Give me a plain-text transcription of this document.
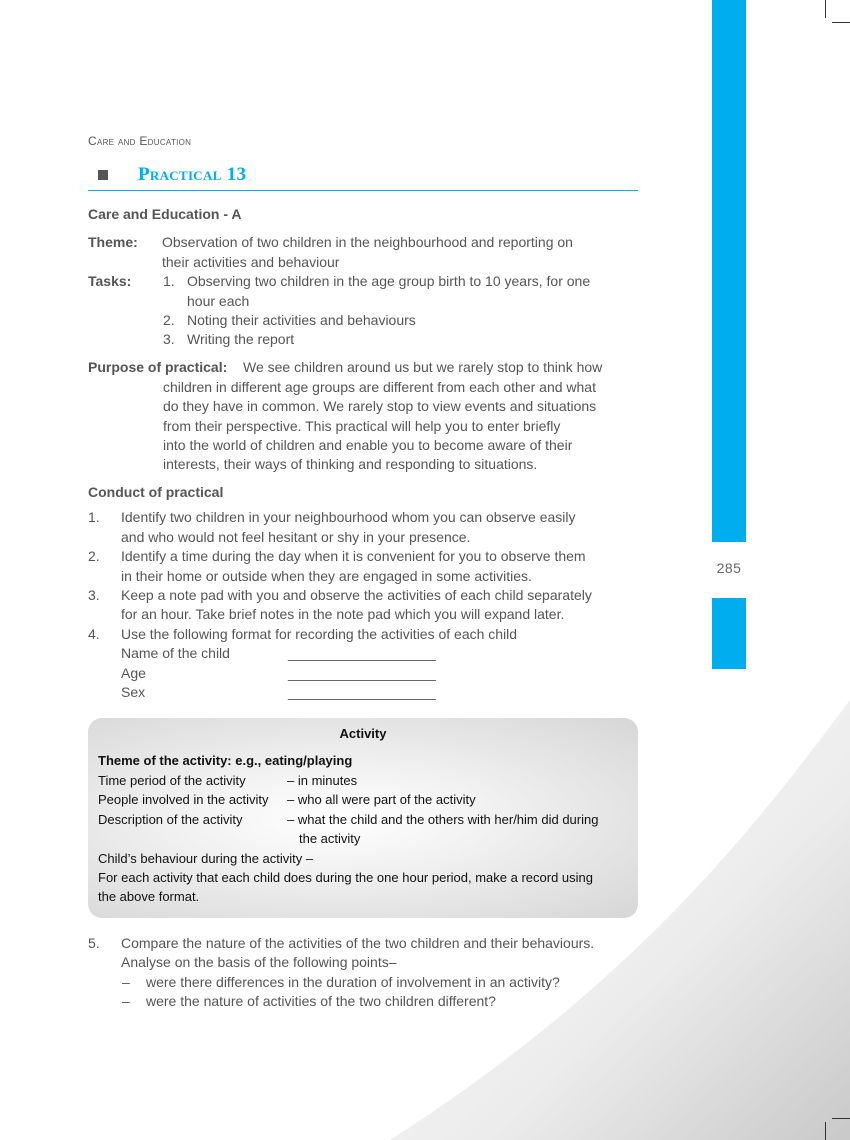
285
Care and Education
Practical 13
Care and Education - A
Theme: Observation of two children in the neighbourhood and reporting on
their activities and behaviour
Tasks: 1. Observing two children in the age group birth to 10 years, for one
hour each
2. Noting their activities and behaviours
3. Writing the report
Purpose of practical: We see children around us but we rarely stop to think how
children in different age groups are different from each other and what
do they have in common. We rarely stop to view events and situations
from their perspective. This practical will help you to enter briefly
into the world of children and enable you to become aware of their
interests, their ways of thinking and responding to situations.
Conduct of practical
1. Identify two children in your neighbourhood whom you can observe easily
and who would not feel hesitant or shy in your presence.
2. Identify a time during the day when it is convenient for you to observe them
in their home or outside when they are engaged in some activities.
3. Keep a note pad with you and observe the activities of each child separately
for an hour. Take brief notes in the note pad which you will expand later.
4. Use the following format for recording the activities of each child
Name of the child	___________________
Age	___________________
Sex	___________________
Activity
Theme of the activity: e.g., eating/playing
Time period of the activity	– in minutes
People involved in the activity – who all were part of the activity
Description of the activity	– what the child and the others with her/him did during
the activity
Child’s behaviour during the activity –
For each activity that each child does during the one hour period, make a record using
the above format.
5. Compare the nature of the activities of the two children and their behaviours.
Analyse on the basis of the following points–
– were there differences in the duration of involvement in an activity?
– were the nature of activities of the two children different?
